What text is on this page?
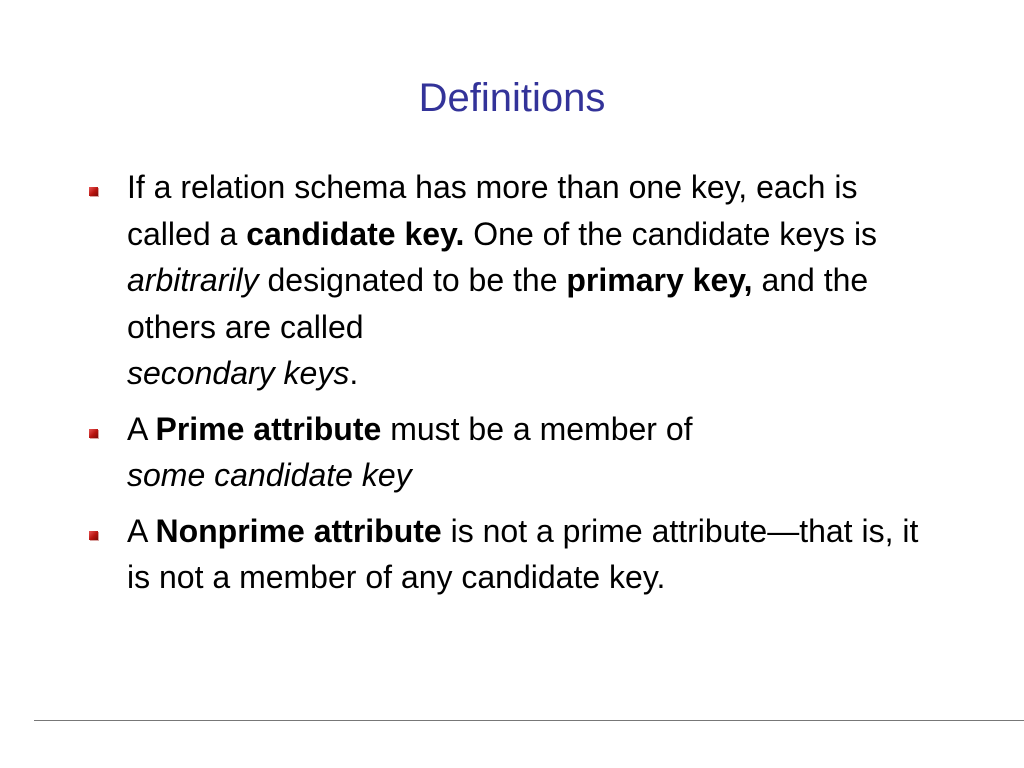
Definitions
If a relation schema has more than one key, each is called a candidate key. One of the candidate keys is arbitrarily designated to be the primary key, and the others are called
secondary keys.
A Prime attribute must be a member of
some candidate key
A Nonprime attribute is not a prime attribute—that is, it is not a member of any candidate key.
